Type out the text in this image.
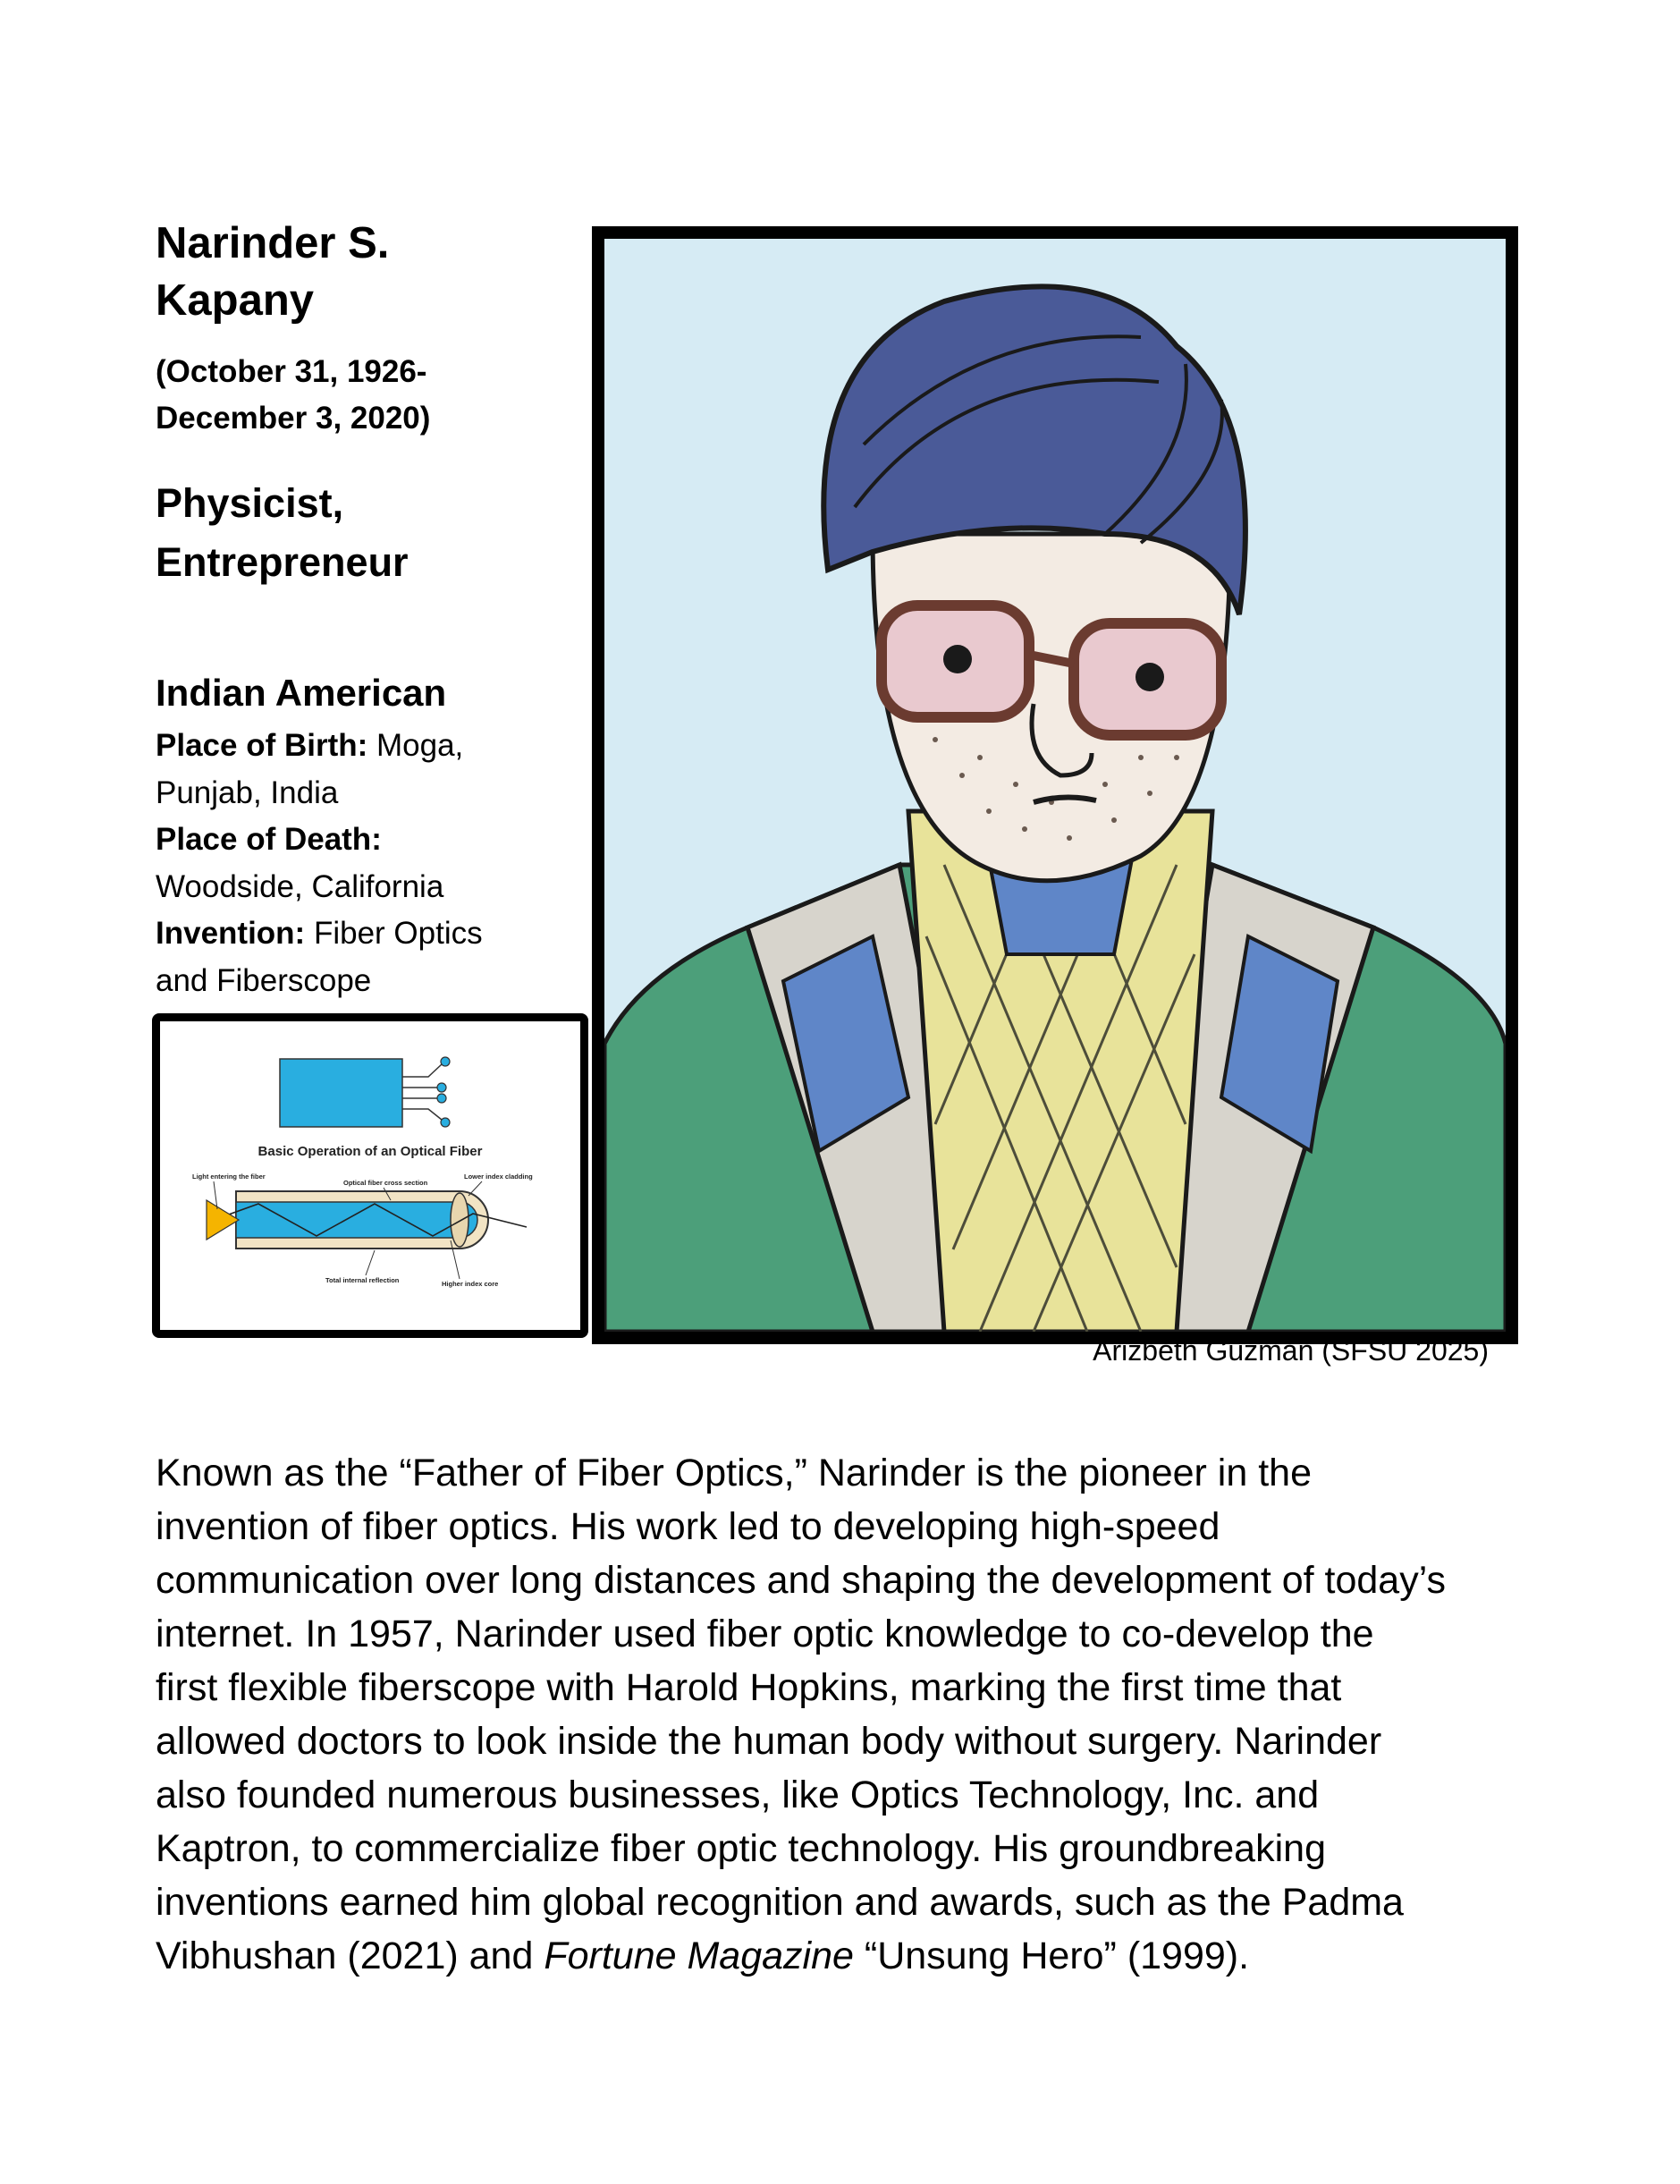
Narinder S.
Kapany
(October 31, 1926-
December 3, 2020)
Physicist,
Entrepreneur
Indian American
Place of Birth: Moga,
Punjab, India
Place of Death:
Woodside, California
Invention: Fiber Optics
and Fiberscope
Basic Operation of an Optical Fiber
Light entering the fiber
Optical fiber cross section
Lower index cladding
Total internal reflection	Higher index core
Arizbeth Guzman (SFSU 2025)
Known as the “Father of Fiber Optics,” Narinder is the pioneer in the
invention of fiber optics. His work led to developing high-speed
communication over long distances and shaping the development of today’s
internet. In 1957, Narinder used fiber optic knowledge to co-develop the
first flexible fiberscope with Harold Hopkins, marking the first time that
allowed doctors to look inside the human body without surgery. Narinder
also founded numerous businesses, like Optics Technology, Inc. and
Kaptron, to commercialize fiber optic technology. His groundbreaking
inventions earned him global recognition and awards, such as the Padma
Vibhushan (2021) and Fortune Magazine “Unsung Hero” (1999).
